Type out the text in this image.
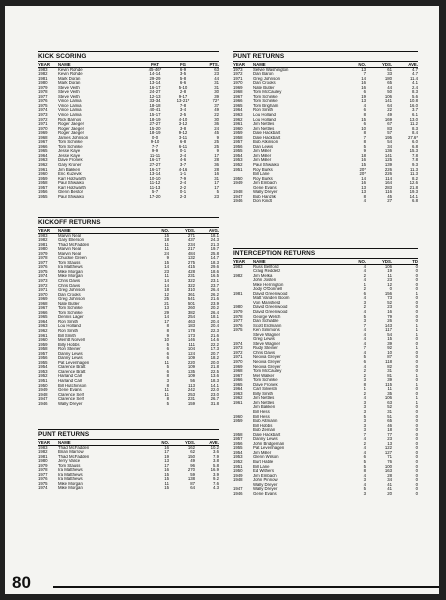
KICK SCORING
YEAR	NAME	PAT	FG	PTS.
1983	Kevin Rohde	45-46*	6-9	63
1982	Kevin Rohde	14-14	3-5	23
1981	Mark Doran	29-29	5-8	44
1980	Mark Doran	13-14	6-6	31
1979	Steve Veith	16-17	5-10	31
1978	Steve Veith	24-27	2-8	30
1977	Steve Veith	12-13	9-17	39
1976	Vince Lamia	33-34	13-21*	72*
1975	Vince Lamia	18-18	7-8	37
1974	Vince Lamia	40-41	3-4	49
1973	Vince Lamia	15-17	2-5	22
1972	Rick Barnos	18-19	4-10	30
1971	Roger Jaeger	27-27	3-12	36
1970	Roger Jaeger	15-20	3-8	24
1969	Roger Jaeger	18-19	9-12	45
1968	James Johnson	0-0	3-11	9
1967	Tom Schinke	9-10	6-8	25
1966	Tom Schinke	7-7	6-11	25
1965	Jesse Kaye	9-9	0-1	9
1964	Jesse Kaye	11-11	2-4	17
1963	Dave Fronek	16-17	4-6	28
1962	Gary Kroner	27-27	3-7	36
1961	Jim Bakken	16-17	4-16	28
1960	Eric Kuzevik	13-14	1-1	16
1959	Karl Holzwarth	10-10	7-9	31
1958	Paul Shwaiko	11-12	2-4	17
1957	Karl Holzwarth	11-13	2-2	17
1956	Glenn Bestor	5-7	0-1	5
1955	Paul Shwaiko	17-20	2-3	23
KICKOFF RETURNS
YEAR	NAME	NO.	YDS.	AVG.
1983	Marvin Neal	15	271	18.1
1982	Gary Ellerson	18	437	24.3
1981	Thad McFadden	11	234	21.3
1980	Marvin Neal	11	217	19.7
1979	Marvin Neal	24	484	25.8
1978	Chuckie Green	9	132	14.7
1977	Tom Stauss	15	275	18.3
1976	Ira Matthews	14	415	29.6
1975	Mike Morgan	23	428	18.6
1974	Mike Morgan	11	231	16.5
1973	Chris Davis	14	322	23.1
1972	Chris Davis	14	322	23.7
1971	Greg Johnson	18	310	26.4
1970	Dan Crooks	12	361	26.2
1969	Greg Johnson	25	541	21.6
1968	Nate Butler	21	501	23.9
1967	Tom Schinke	13	260	20.2
1966	Tom Schinke	29	382	26.4
1965	Dennis Lager	14	254	18.1
1964	Ron Smith	17	463	20.4
1963	Lou Holland	8	183	20.4
1962	Ron Smith	8	178	22.3
1961	Bill Smith	9	173	21.6
1960	Merritt Norvell	10	146	14.6
1959	Billy Hobbs	5	111	22.2
1958	Ron Steiner	6	104	17.3
1957	Danny Lewis	6	124	20.7
1956	Danny Lewis	6	109	18.2
1955	Pat Levenhagen	11	220	20.0
1954	Clarence Bratt	5	109	21.8
1953	Clarence Bratt	6	135	22.5
1952	Harland Carl	8	109	13.6
1951	Harland Carl	3	56	18.3
1950	Bill Hutchinson	8	113	14.1
1949	Gene Evans	11	242	22.0
1948	Clarence Self	11	253	23.0
1947	Clarence Self	8	231	26.7
1946	Wally Dreyer	5	159	31.8
PUNT RETURNS
YEAR	NAME	NO.	YDS.	AVE.
1983	Thad McFadden	16	162	10.2
1982	Brian Marrow	17	62	3.6
1981	Thad McFadden	19	150	7.9
1980	Jerry Valice	13	49	3.8
1979	Tom Stauss	17	96	5.8
1978	Ira Matthews	16	270	16.9
1977	Ira Matthews	15	59	3.9
1976	Ira Matthews	15	138	9.2
1975	Mike Morgan	11	87	7.6
1974	Mike Morgan	15	64	4.3
PUNT RETURNS
YEAR	NAME	NO.	YDS.	AVE.
1973	Selvie Washington	13	61	4.7
1972	Dan Baron	7	33	4.7
1971	Greg Johnson	14	180	11.4
1970	Dan Crooks	16	65	4.1
1969	Nate Butler	16	44	2.4
1968	Tom McCauley	6	50	8.3
1967	Tom Schinke	19	106	5.6
1966	Tom Schinke	13	141	10.8
1965	Tom Brigham	4	64	16.0
1964	Ron Smith	6	22	3.7
1963	Lou Holland	8	49	6.1
1962	Lou Holland	15	169	13.0
1961	Jim Nettles	6	67	11.2
1960	Jim Nettles	10	83	8.3
1959	Dale Hackbart	8	57	8.4
1958	Dale Hackbart	7	195	27.6*
1957	Bob Atkinson	8	54	6.0
1956	Dan Lewis	5	34	6.8
1955	Jim Miller	9	136	15.3
1954	Jim Miller	18	141	7.8
1953	Jim Miller	16	125	7.8
1952	Paul Shwaiko	15	139	9.3
1951	Roy Burks	20*	226	11.3
	Bill Lane	20*	226	11.3
1950	Roy Burks	14	114	8.2
1949	Jim Embach	16	164	12.6
	Gene Evans	13	283	21.8
1948	Wally Dreyer	13	116	19.3
1947	Bob Hanzlik	8	45	14.1
1946	Don Kindt	4	27	6.8
INTERCEPTION RETURNS
YEAR	NAME	NO.	YDS.	TD
1983	Russ Bellford	4	106	0
	Craig Reddelz	4	19	0
1982	Jim Melka	2	11	0
	John Josten	4	23	0
	Mike Herrington	1	12	0
	Jody O'Donnell	2	0	0
1981	David Greenwood	6	156	1
	Matt Vanden Boom	4	73	0
	Von Mansfield	3	52	0
1980	David Greenwood	2	23	0
1979	David Greenwood	4	16	0
1978	George Welch	5	79	0
1977	Dan Schiable	3	26	0
1976	Scott Erdmann	7	143	1
1975	Ken Simmons	4	117	1
	Steve Wagner	4	54	1
	Greg Lewis	4	15	0
1974	Steve Wagner	4	39	0
1973	Rudy Steiner	7	92	1
1972	Chris Davis	4	10	0
1971	Neovia Greyer	5	87	0
1970	Neovia Greyer	6	118	0
1969	Neovia Greyer	4	82	0
1968	Tom McCauley	2	31	0
1967	Mel Walker	2	81	1
1966	Tom Schinke	3	39	0
1965	Dave Fronek	8	115	1
1964	Carl Silvestri	1	11	0
1963	Billy Smith	2	35	0
1962	Jim Nettles	4	106	1
1961	Jim Nettles	3	63	1
	Jim Bakken	3	52	0
	Bill Hess	3	31	0
1960	Bill Hess	5	51	0
1959	Bob Altmann	3	65	0
	Bill Hobbs	3	46	0
	Bob Zeman	3	18	0
1958	Dale Hackbart	7	77	0
1957	Danny Lewis	4	23	0
1956	John Bridgeman	2	13	0
1955	Pat Levenhagen	4	122	0
1954	Jim Miller	4	127	0
1953	Glenn Wilson	6	71	0
1952	Burt Hable	5	76	0
1951	Bill Lane	5	100	0
1950	Ed Withers	8	163	0
1949	Jim Embach	4	28	0
1948	John Pinnow	3	34	0
	Wally Dreyer	4	41	0
1947	Wally Dreyer	5	41	0
1946	Gene Evans	3	20	0
80
